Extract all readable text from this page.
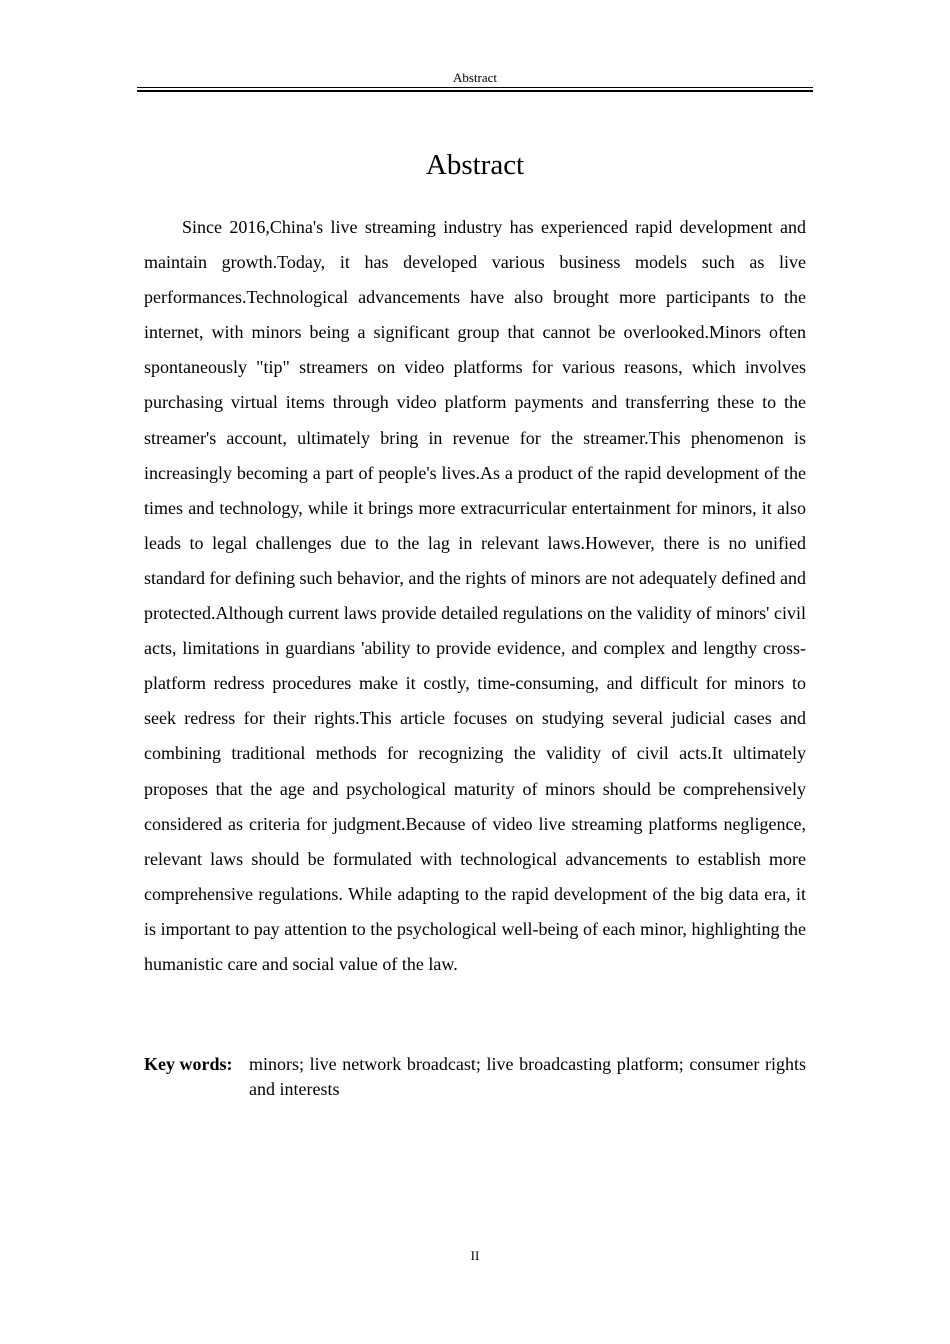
Abstract
Abstract

Since 2016,China's live streaming industry has experienced rapid development and maintain growth.Today, it has developed various business models such as live performances.Technological advancements have also brought more participants to the internet, with minors being a significant group that cannot be overlooked.Minors often spontaneously "tip" streamers on video platforms for various reasons, which involves purchasing virtual items through video platform payments and transferring these to the streamer's account, ultimately bring in revenue for the streamer.This phenomenon is increasingly becoming a part of people's lives.As a product of the rapid development of the times and technology, while it brings more extracurricular entertainment for minors, it also leads to legal challenges due to the lag in relevant laws.However, there is no unified standard for defining such behavior, and the rights of minors are not adequately defined and protected.Although current laws provide detailed regulations on the validity of minors' civil acts, limitations in guardians 'ability to provide evidence, and complex and lengthy cross-platform redress procedures make it costly, time-consuming, and difficult for minors to seek redress for their rights.This article focuses on studying several judicial cases and combining traditional methods for recognizing the validity of civil acts.It ultimately proposes that the age and psychological maturity of minors should be comprehensively considered as criteria for judgment.Because of video live streaming platforms negligence, relevant laws should be formulated with technological advancements to establish more comprehensive regulations. While adapting to the rapid development of the big data era, it is important to pay attention to the psychological well-being of each minor, highlighting the humanistic care and social value of the law.

Key words: minors; live network broadcast; live broadcasting platform; consumer rights and interests
II
